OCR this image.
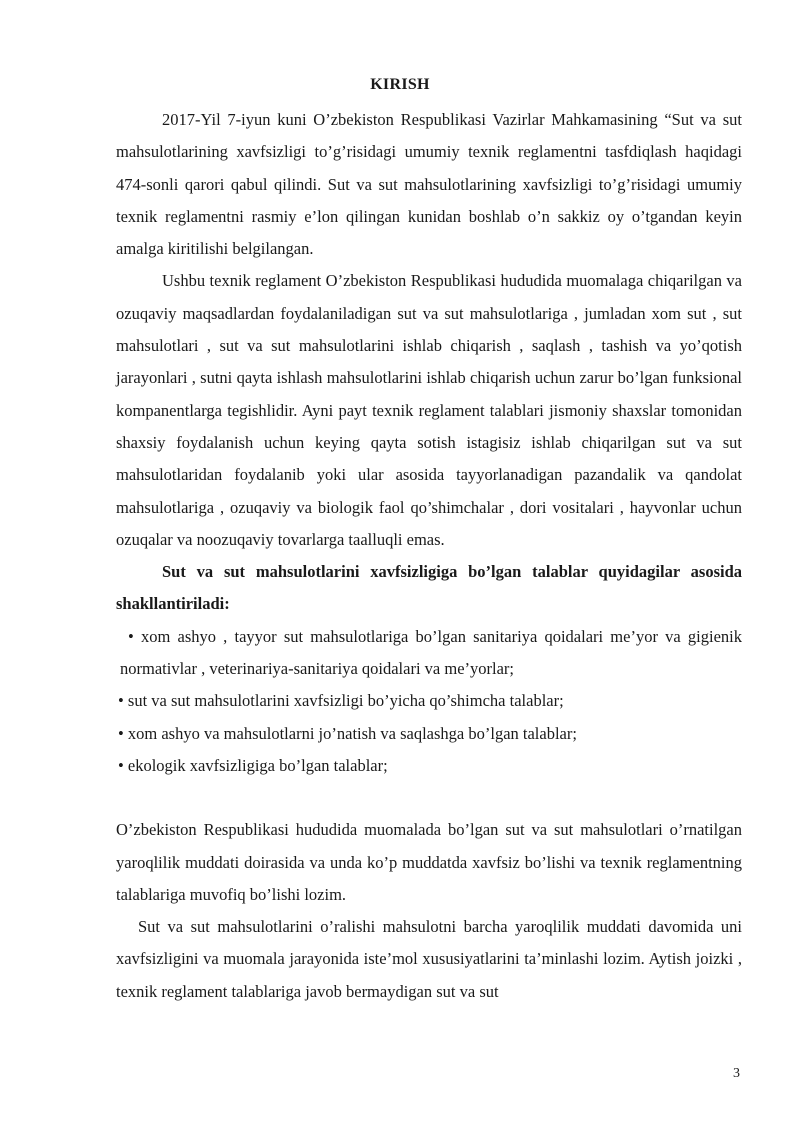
KIRISH

2017-Yil 7-iyun kuni O’zbekiston Respublikasi Vazirlar Mahkamasining “Sut va sut mahsulotlarining xavfsizligi to’g’risidagi umumiy texnik reglamentni tasfdiqlash haqidagi 474-sonli qarori qabul qilindi. Sut va sut mahsulotlarining xavfsizligi to’g’risidagi umumiy texnik reglamentni rasmiy e’lon qilingan kunidan boshlab o’n sakkiz oy o’tgandan keyin amalga kiritilishi belgilangan.

Ushbu texnik reglament O’zbekiston Respublikasi hududida muomalaga chiqarilgan va ozuqaviy maqsadlardan foydalaniladigan sut va sut mahsulotlariga , jumladan xom sut , sut mahsulotlari , sut va sut mahsulotlarini ishlab chiqarish , saqlash , tashish va yo’qotish jarayonlari , sutni qayta ishlash mahsulotlarini ishlab chiqarish uchun zarur bo’lgan funksional kompanentlarga tegishlidir. Ayni payt texnik reglament talablari jismoniy shaxslar tomonidan shaxsiy foydalanish uchun keying qayta sotish istagisiz ishlab chiqarilgan sut va sut mahsulotlaridan foydalanib yoki ular asosida tayyorlanadigan pazandalik va qandolat mahsulotlariga , ozuqaviy va biologik faol qo’shimchalar , dori vositalari , hayvonlar uchun ozuqalar va noozuqaviy tovarlarga taalluqli emas.

Sut va sut mahsulotlarini xavfsizligiga bo’lgan talablar quyidagilar asosida shakllantiriladi:

• xom ashyo , tayyor sut mahsulotlariga bo’lgan sanitariya qoidalari me’yor va gigienik normativlar , veterinariya-sanitariya qoidalari va me’yorlar;

• sut va sut mahsulotlarini xavfsizligi bo’yicha qo’shimcha talablar;

• xom ashyo va mahsulotlarni jo’natish va saqlashga bo’lgan talablar;

• ekologik xavfsizligiga bo’lgan talablar;

O’zbekiston Respublikasi hududida muomalada bo’lgan sut va sut mahsulotlari o’rnatilgan yaroqlilik muddati doirasida va unda ko’p muddatda xavfsiz bo’lishi va texnik reglamentning talablariga muvofiq bo’lishi lozim.

Sut va sut mahsulotlarini o’ralishi mahsulotni barcha yaroqlilik muddati davomida uni xavfsizligini va muomala jarayonida iste’mol xususiyatlarini ta’minlashi lozim. Aytish joizki , texnik reglament talablariga javob bermaydigan sut va sut

3
